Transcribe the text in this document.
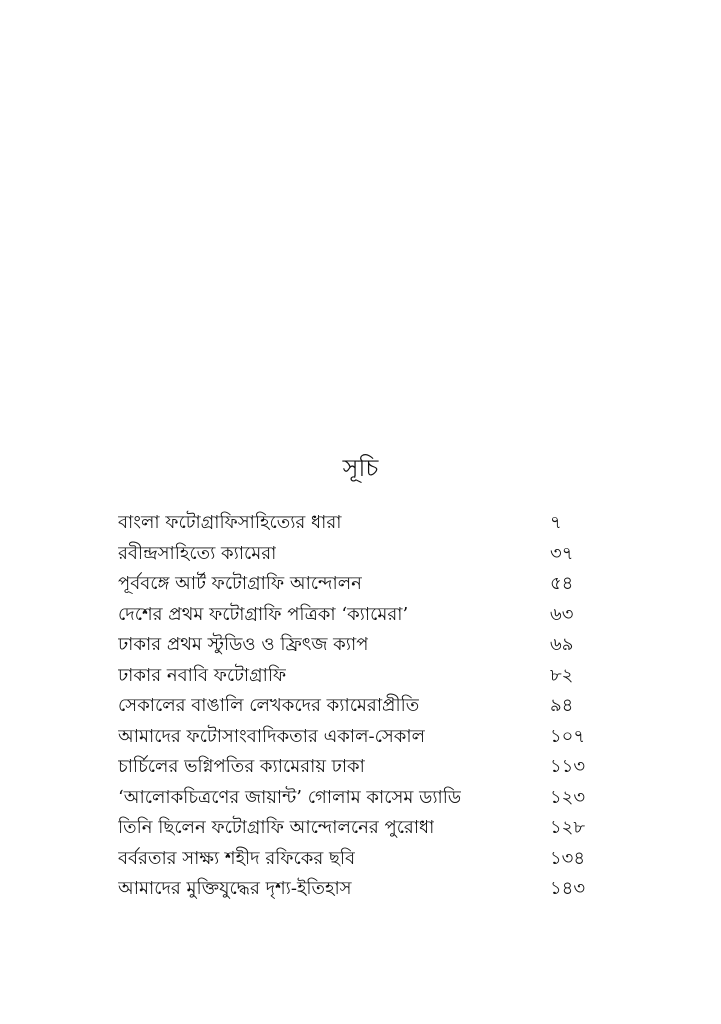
সূচি
বাংলা ফটোগ্রাফিসাহিত্যের ধারা	৭
রবীন্দ্রসাহিত্যে ক্যামেরা	৩৭
পূর্ববঙ্গে আর্ট ফটোগ্রাফি আন্দোলন	৫৪
দেশের প্রথম ফটোগ্রাফি পত্রিকা ‘ক্যামেরা’	৬৩
ঢাকার প্রথম স্টুডিও ও ফ্রিৎজ ক্যাপ	৬৯
ঢাকার নবাবি ফটোগ্রাফি	৮২
সেকালের বাঙালি লেখকদের ক্যামেরাপ্রীতি	৯৪
আমাদের ফটোসাংবাদিকতার একাল-সেকাল	১০৭
চার্চিলের ভগ্নিপতির ক্যামেরায় ঢাকা	১১৩
‘আলোকচিত্রণের জায়ান্ট’ গোলাম কাসেম ড্যাডি	১২৩
তিনি ছিলেন ফটোগ্রাফি আন্দোলনের পুরোধা	১২৮
বর্বরতার সাক্ষ্য শহীদ রফিকের ছবি	১৩৪
আমাদের মুক্তিযুদ্ধের দৃশ্য-ইতিহাস	১৪৩
